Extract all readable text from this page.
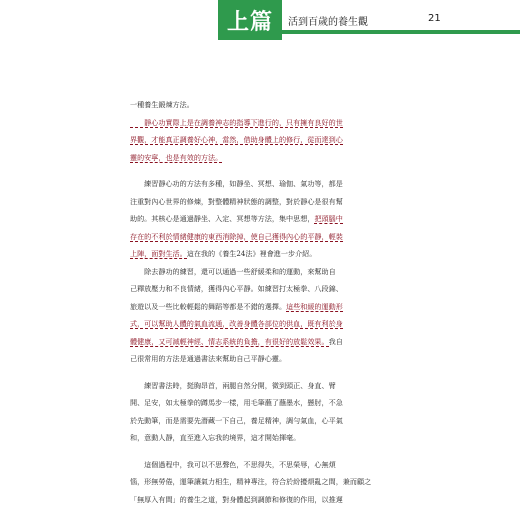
上篇 活到百歲的養生觀	21
一種養生鍛煉方法。
　　靜心功實際上是在調養神志的指導下進行的，只有擁有良好的世
界觀，才能真正調養好心神，當然，借助身體上的修行，從而達到心
靈的安寧，也是有效的方法。
　　練習靜心功的方法有多種，如靜坐、冥想、瑜伽、氣功等，都是
注重對內心世界的修煉，對整體精神狀態的調整，對於靜心是很有幫
助的。其核心是通過靜坐、入定、冥想等方法，集中思想，把頭腦中
存在的不利於情緒健康的東西消除掉，使自己獲得內心的平靜，輕裝
上陣，面對生活。這在我的《養生24法》裡會進一步介紹。
　　除去靜功的練習，還可以通過一些舒緩柔和的運動，來幫助自
己釋放壓力和不良情緒，獲得內心平靜。如練習打太極拳、八段錦、
旅遊以及一些比較輕鬆的舞蹈等都是不錯的選擇。這些和緩的運動形
式，可以幫助人體的氣血流通，改善身體各部位的供血，既有利於身
體健康，又可減輕神經、情志系統的負擔，有很好的放鬆效果。我自
己很常用的方法是通過書法來幫助自己平靜心靈。
　　練習書法時，挺胸昂首，兩腿自然分開，微到頭正、身直、臂
開、足安，如太極拳的蹲馬步一樣，用毛筆蘸了蘸墨水，懸肘，不急
於先動筆，而是需要先潛藏一下自己，養足精神，調勻氣血，心平氣
和，意動人靜，直至進入忘我的境界，這才開始揮毫。
　　這個過程中，我可以不思聲色，不思得失，不思榮辱，心無煩
惱，形無勞倦，運筆讓氣力相生，精神專注，符合於紛擾煩亂之間，兼而顧之
「無厚入有間」的養生之道，對身體起到調節和修復的作用，以推遲
